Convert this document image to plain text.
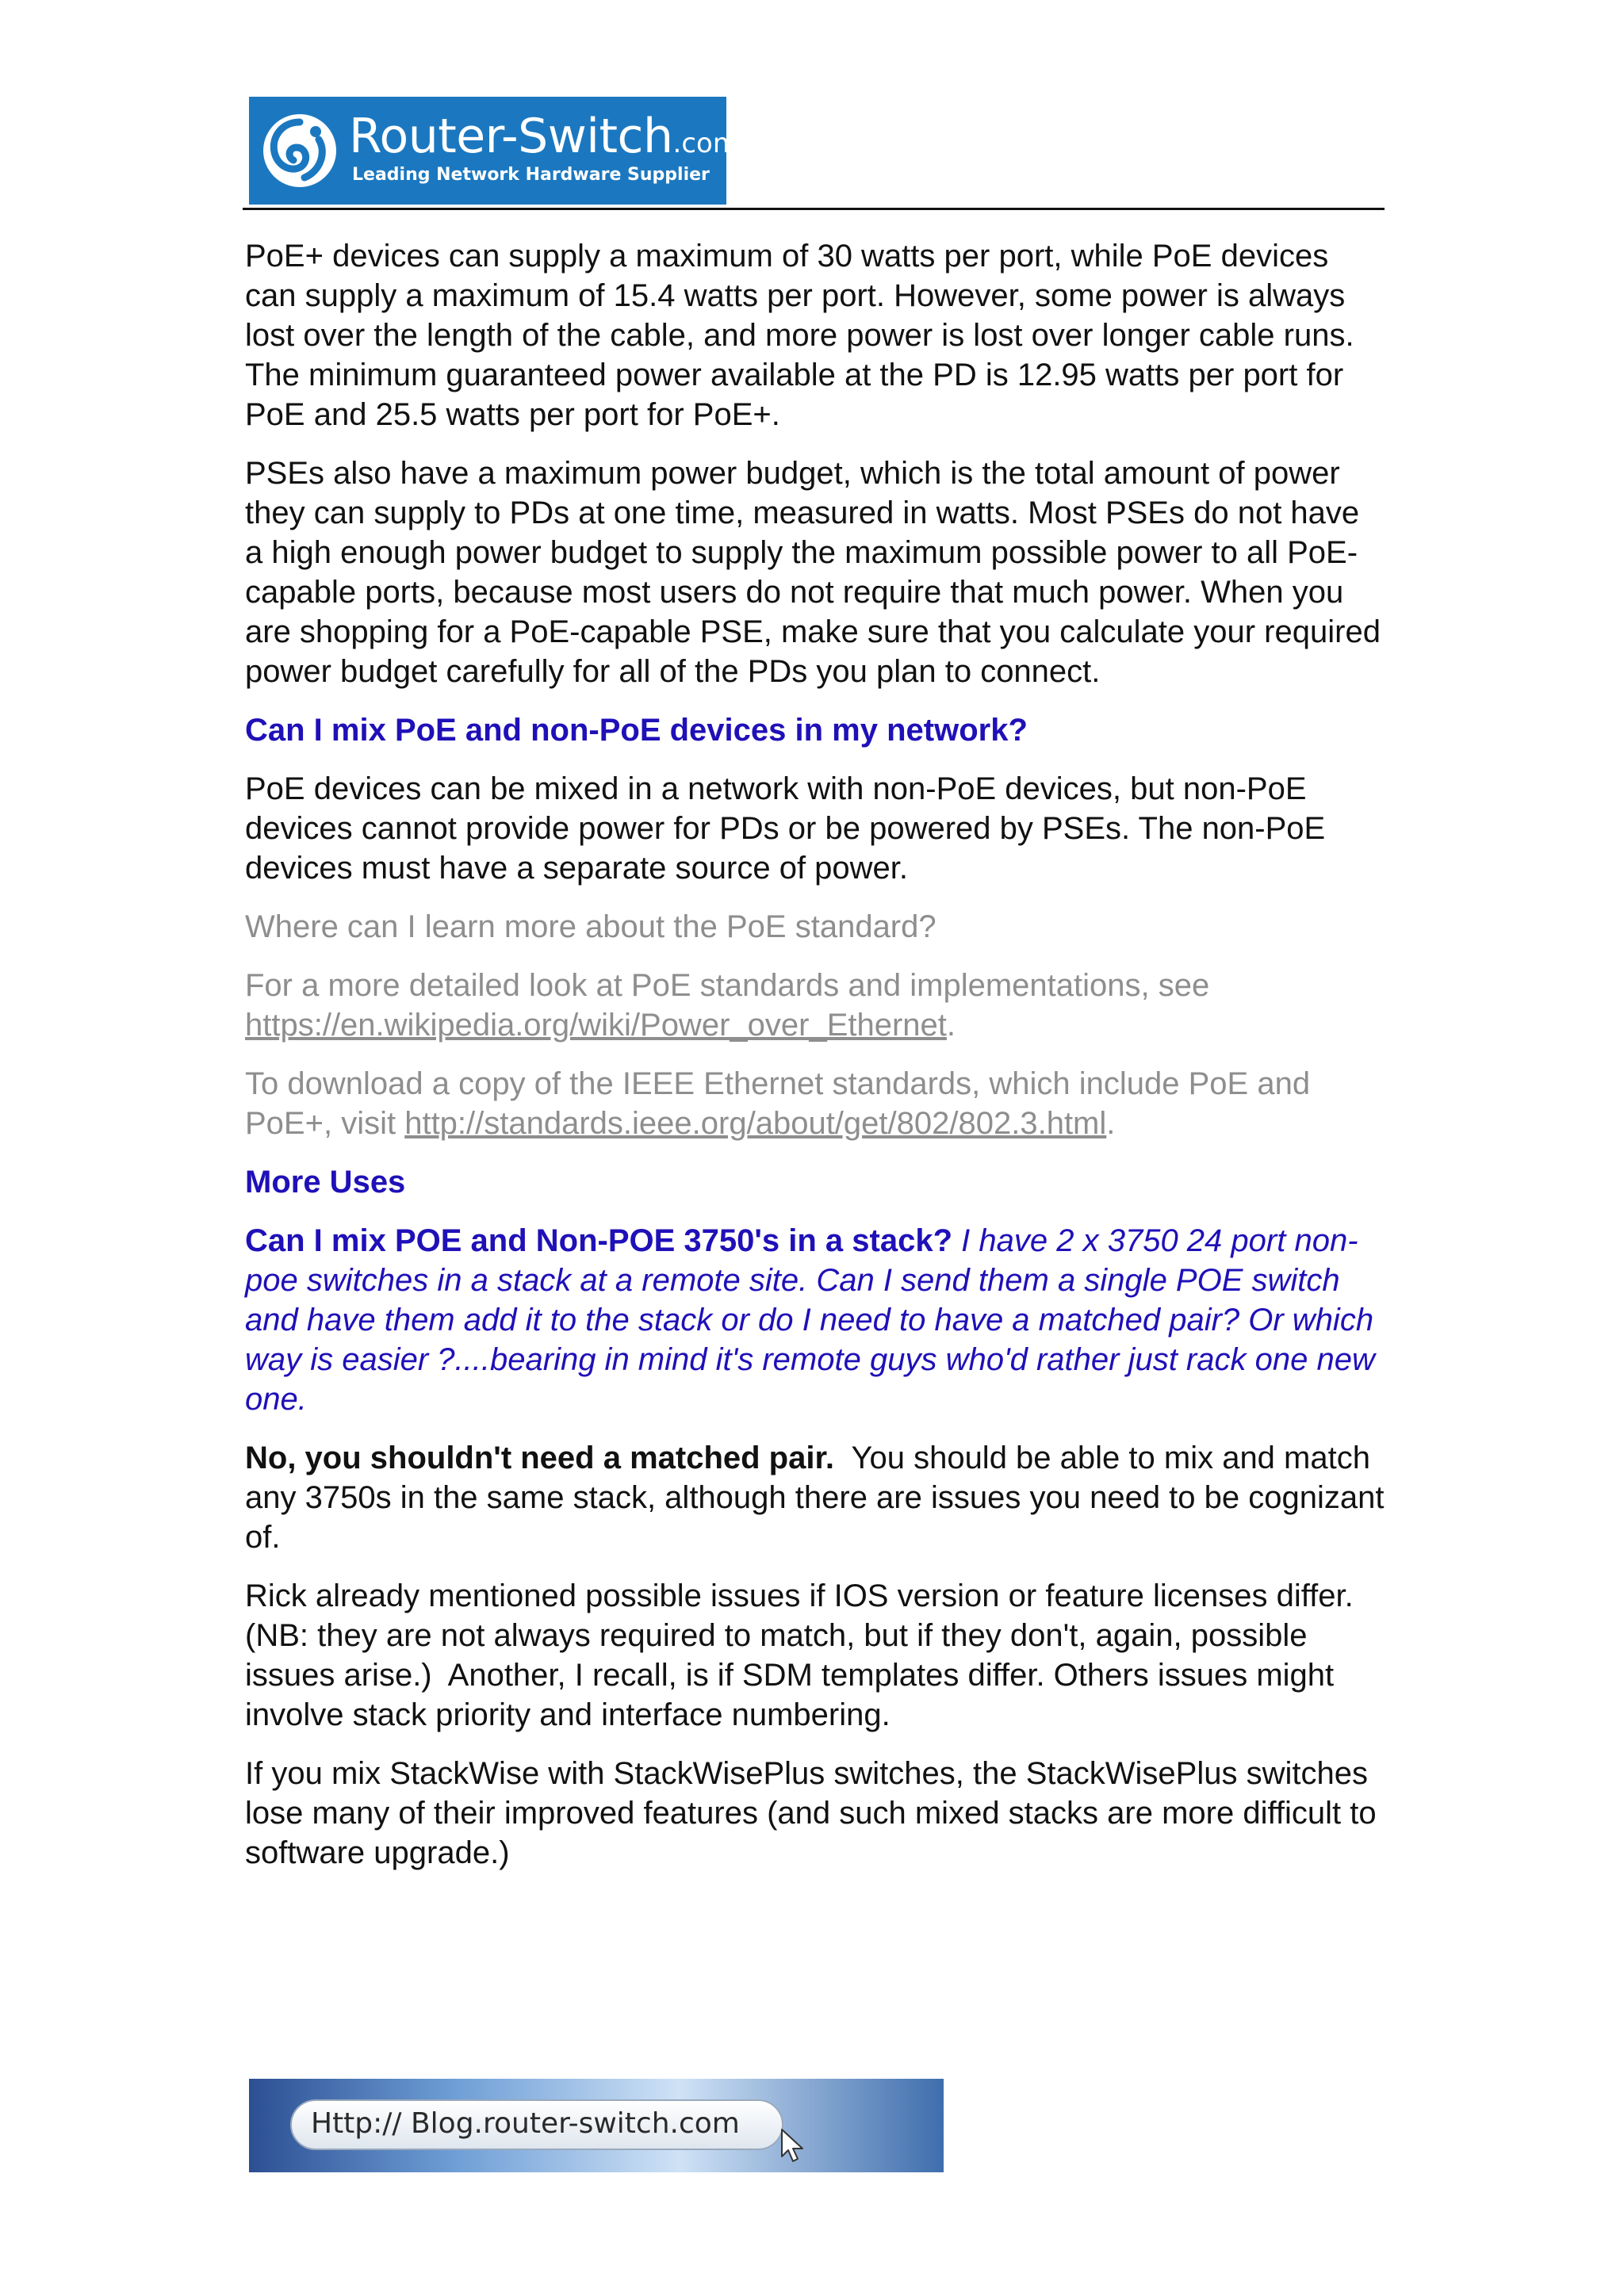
Router-Switch.com
Leading Network Hardware Supplier

PoE+ devices can supply a maximum of 30 watts per port, while PoE devices can supply a maximum of 15.4 watts per port. However, some power is always lost over the length of the cable, and more power is lost over longer cable runs. The minimum guaranteed power available at the PD is 12.95 watts per port for PoE and 25.5 watts per port for PoE+.

PSEs also have a maximum power budget, which is the total amount of power they can supply to PDs at one time, measured in watts. Most PSEs do not have a high enough power budget to supply the maximum possible power to all PoE-capable ports, because most users do not require that much power. When you are shopping for a PoE-capable PSE, make sure that you calculate your required power budget carefully for all of the PDs you plan to connect.

Can I mix PoE and non-PoE devices in my network?

PoE devices can be mixed in a network with non-PoE devices, but non-PoE devices cannot provide power for PDs or be powered by PSEs. The non-PoE devices must have a separate source of power.

Where can I learn more about the PoE standard?

For a more detailed look at PoE standards and implementations, see https://en.wikipedia.org/wiki/Power_over_Ethernet.

To download a copy of the IEEE Ethernet standards, which include PoE and PoE+, visit http://standards.ieee.org/about/get/802/802.3.html.

More Uses

Can I mix POE and Non-POE 3750's in a stack? I have 2 x 3750 24 port non-poe switches in a stack at a remote site. Can I send them a single POE switch and have them add it to the stack or do I need to have a matched pair? Or which way is easier ?....bearing in mind it's remote guys who'd rather just rack one new one.

No, you shouldn't need a matched pair.  You should be able to mix and match any 3750s in the same stack, although there are issues you need to be cognizant of.

Rick already mentioned possible issues if IOS version or feature licenses differ.  (NB: they are not always required to match, but if they don't, again, possible issues arise.)  Another, I recall, is if SDM templates differ. Others issues might involve stack priority and interface numbering.

If you mix StackWise with StackWisePlus switches, the StackWisePlus switches lose many of their improved features (and such mixed stacks are more difficult to software upgrade.)

Http:// Blog.router-switch.com
